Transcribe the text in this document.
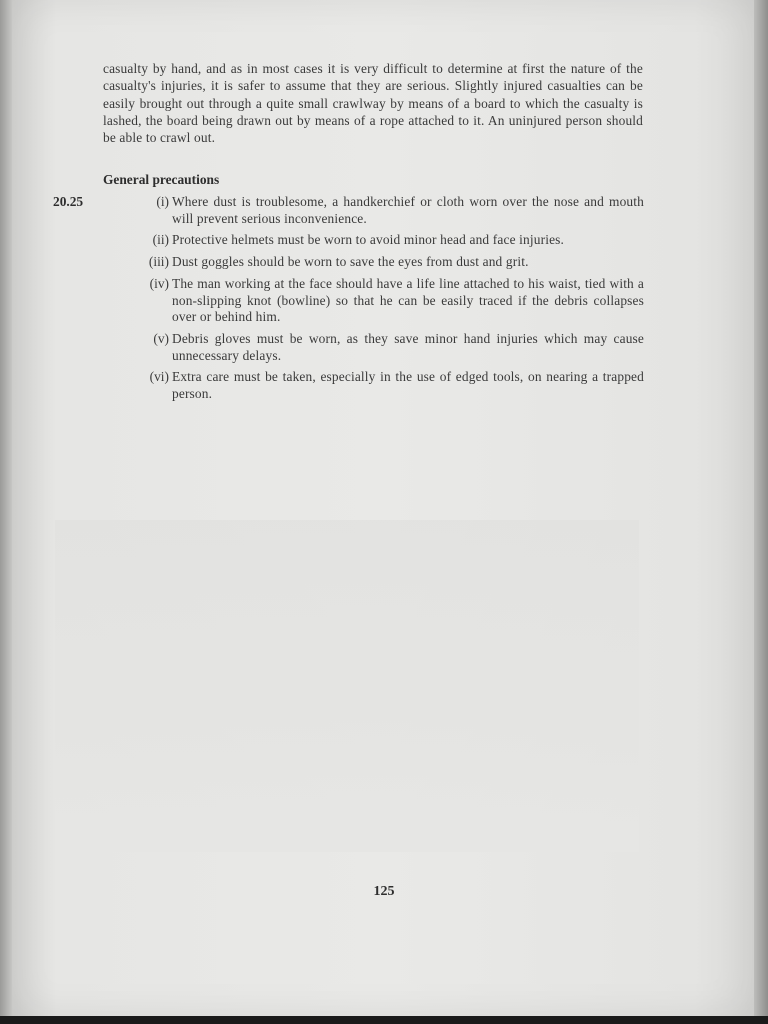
casualty by hand, and as in most cases it is very difficult to determine at first the nature of the casualty's injuries, it is safer to assume that they are serious. Slightly injured casualties can be easily brought out through a quite small crawlway by means of a board to which the casualty is lashed, the board being drawn out by means of a rope attached to it. An uninjured person should be able to crawl out.

General precautions
20.25	(i) Where dust is troublesome, a handkerchief or cloth worn over the nose and mouth will prevent serious inconvenience.
(ii) Protective helmets must be worn to avoid minor head and face injuries.
(iii) Dust goggles should be worn to save the eyes from dust and grit.
(iv) The man working at the face should have a life line attached to his waist, tied with a non-slipping knot (bowline) so that he can be easily traced if the debris collapses over or behind him.
(v) Debris gloves must be worn, as they save minor hand injuries which may cause unnecessary delays.
(vi) Extra care must be taken, especially in the use of edged tools, on nearing a trapped person.
125
